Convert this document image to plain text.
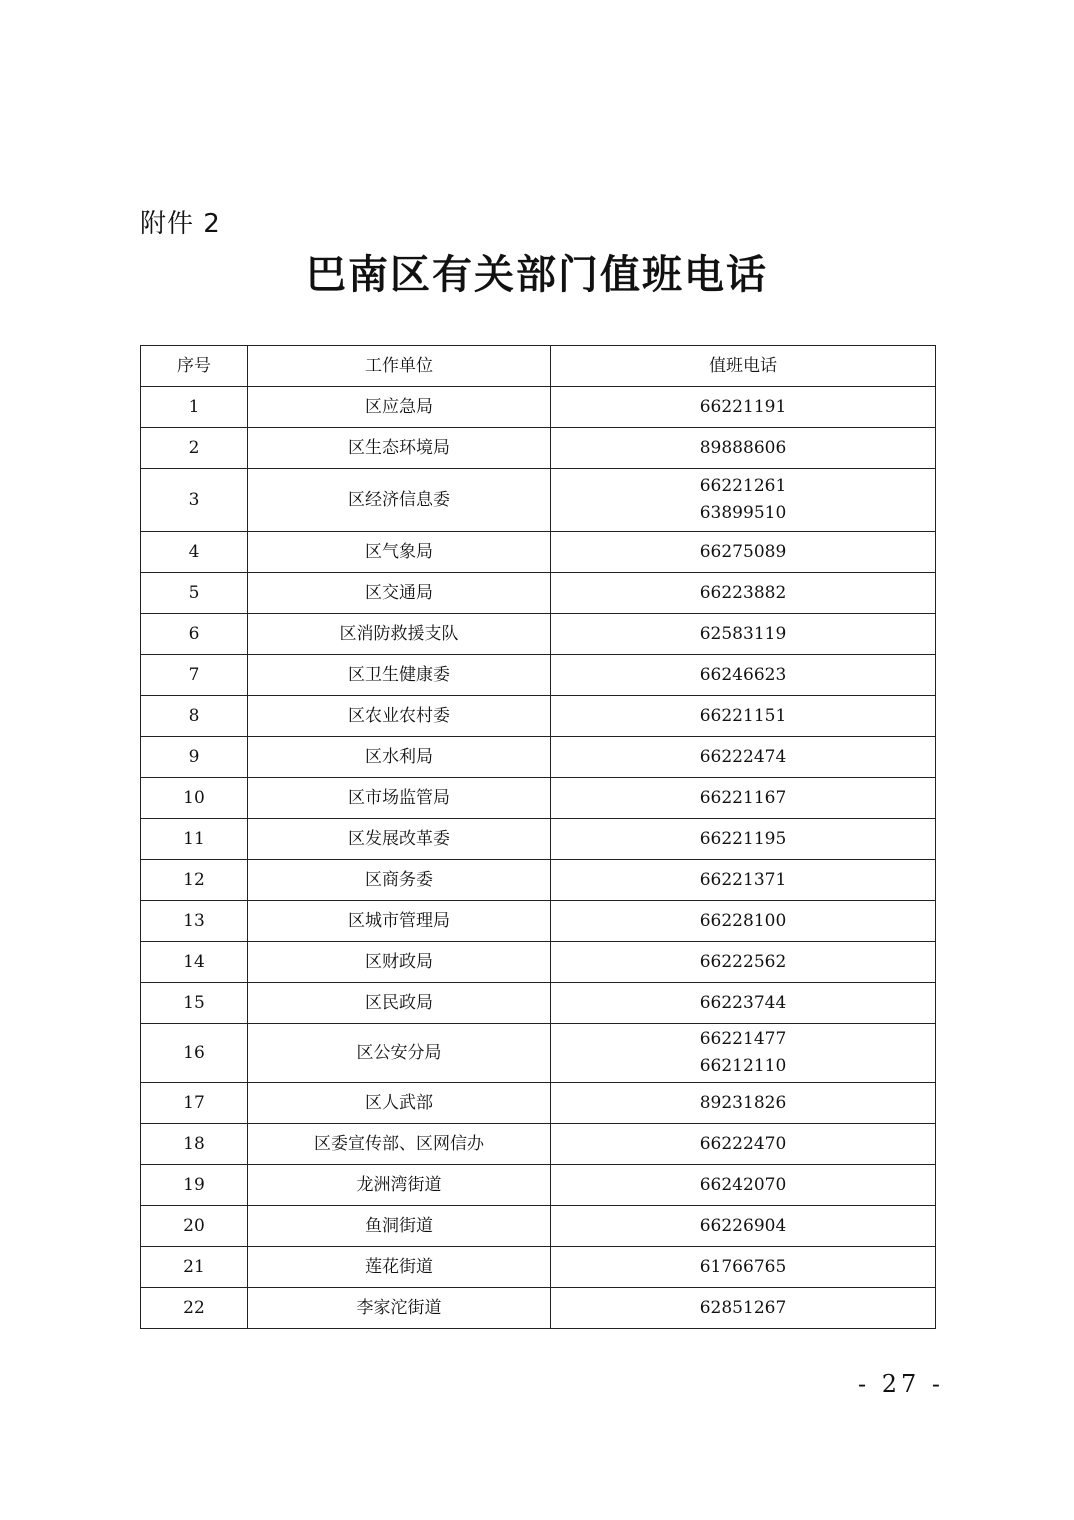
附件 2
巴南区有关部门值班电话
序号	工作单位	值班电话
1	区应急局	66221191

2	区生态环境局	89888606

3	区经济信息委	66221261
63899510

4	区气象局	66275089

5	区交通局	66223882

6	区消防救援支队	62583119

7	区卫生健康委	66246623

8	区农业农村委	66221151

9	区水利局	66222474

10	区市场监管局	66221167

11	区发展改革委	66221195

12	区商务委	66221371

13	区城市管理局	66228100

14	区财政局	66222562

15	区民政局	66223744

16	区公安分局	66221477
66212110

17	区人武部	89231826

18	区委宣传部、区网信办	66222470

19	龙洲湾街道	66242070

20	鱼洞街道	66226904

21	莲花街道	61766765

22	李家沱街道	62851267
- 27 -
